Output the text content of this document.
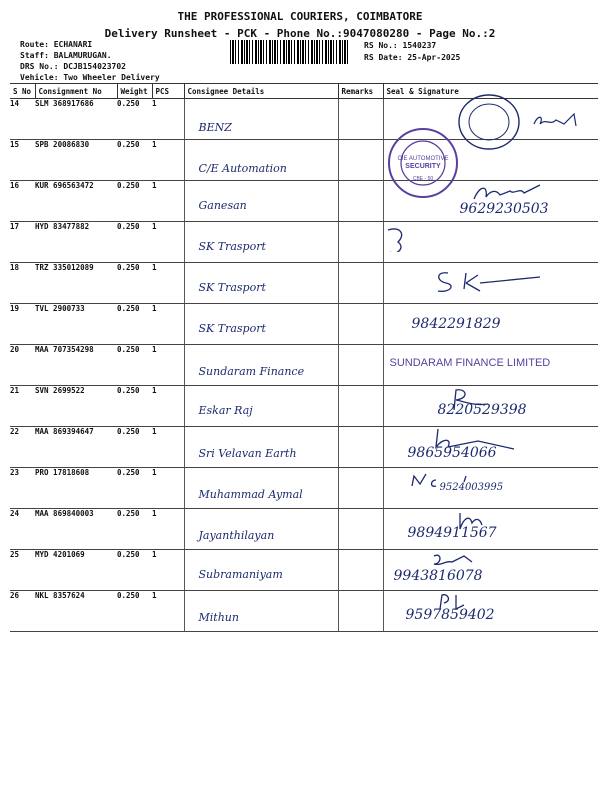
THE PROFESSIONAL COURIERS, COIMBATORE
Delivery Runsheet - PCK - Phone No.:9047080280 - Page No.:2
Route: ECHANARI
Staff: BALAMURUGAN.
DRS No.: DCJB154023702
Vehicle: Two Wheeler Delivery
RS No.: 1540237
RS Date: 25-Apr-2025
S No	Consignment No	Weight	PCS	Consignee Details	Remarks	Seal & Signature
14	SLM 368917686	0.250	1	BENZ		

15	SPB 20086830	0.250	1	C/E Automation		

16	KUR 696563472	0.250	1	Ganesan		9629230503

17	HYD 83477882	0.250	1	SK Trasport

18	TRZ 335012089	0.250	1	SK Trasport

19	TVL 2900733	0.250	1	SK Trasport		9842291829

20	MAA 707354298	0.250	1	Sundaram Finance		SUNDARAM FINANCE LIMITED

21	SVN 2699522	0.250	1	Eskar Raj		8220529398

22	MAA 869394647	0.250	1	Sri Velavan Earth		9865954066

23	PRO 17818608	0.250	1	Muhammad Aymal		9524003995

24	MAA 869840003	0.250	1	Jayanthilayan		9894911567

25	MYD 4201069	0.250	1	Subramaniyam		9943816078

26	NKL 8357624	0.250	1	Mithun		9597859402
CIE AUTOMOTIVE
SECURITY
CBE - 50
